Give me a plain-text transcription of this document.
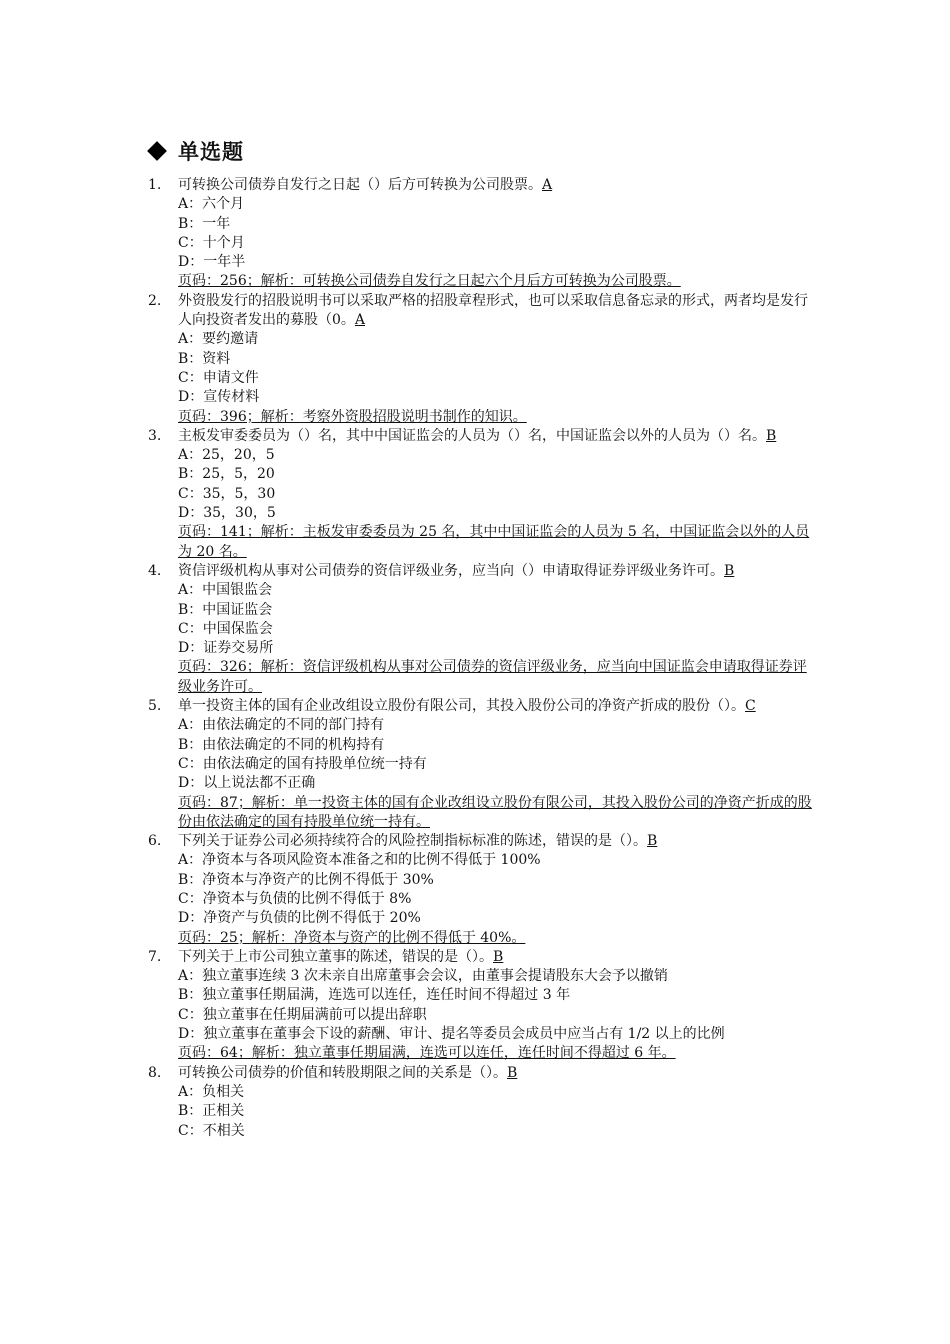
单选题
1. 可转换公司债券自发行之日起（）后方可转换为公司股票。A
A：六个月
B：一年
C：十个月
D：一年半
页码：256；解析：可转换公司债券自发行之日起六个月后方可转换为公司股票。
2. 外资股发行的招股说明书可以采取严格的招股章程形式，也可以采取信息备忘录的形式，两者均是发行人向投资者发出的募股（0。A
A：要约邀请
B：资料
C：申请文件
D：宣传材料
页码：396；解析：考察外资股招股说明书制作的知识。
3. 主板发审委委员为（）名，其中中国证监会的人员为（）名，中国证监会以外的人员为（）名。B
A：25，20，5
B：25，5，20
C：35，5，30
D：35，30，5
页码：141；解析：主板发审委委员为 25 名，其中中国证监会的人员为 5 名，中国证监会以外的人员为 20 名。
4. 资信评级机构从事对公司债券的资信评级业务，应当向（）申请取得证券评级业务许可。B
A：中国银监会
B：中国证监会
C：中国保监会
D：证券交易所
页码：326；解析：资信评级机构从事对公司债券的资信评级业务，应当向中国证监会申请取得证券评级业务许可。
5. 单一投资主体的国有企业改组设立股份有限公司，其投入股份公司的净资产折成的股份（）。C
A：由依法确定的不同的部门持有
B：由依法确定的不同的机构持有
C：由依法确定的国有持股单位统一持有
D：以上说法都不正确
页码：87；解析：单一投资主体的国有企业改组设立股份有限公司，其投入股份公司的净资产折成的股份由依法确定的国有持股单位统一持有。
6. 下列关于证券公司必须持续符合的风险控制指标标准的陈述，错误的是（）。B
A：净资本与各项风险资本准备之和的比例不得低于 100%
B：净资本与净资产的比例不得低于 30%
C：净资本与负债的比例不得低于 8%
D：净资产与负债的比例不得低于 20%
页码：25；解析：净资本与资产的比例不得低于 40%。
7. 下列关于上市公司独立董事的陈述，错误的是（）。B
A：独立董事连续 3 次未亲自出席董事会会议，由董事会提请股东大会予以撤销
B：独立董事任期届满，连选可以连任，连任时间不得超过 3 年
C：独立董事在任期届满前可以提出辞职
D：独立董事在董事会下设的薪酬、审计、提名等委员会成员中应当占有 1/2 以上的比例
页码：64；解析：独立董事任期届满，连选可以连任，连任时间不得超过 6 年。
8. 可转换公司债券的价值和转股期限之间的关系是（）。B
A：负相关
B：正相关
C：不相关
